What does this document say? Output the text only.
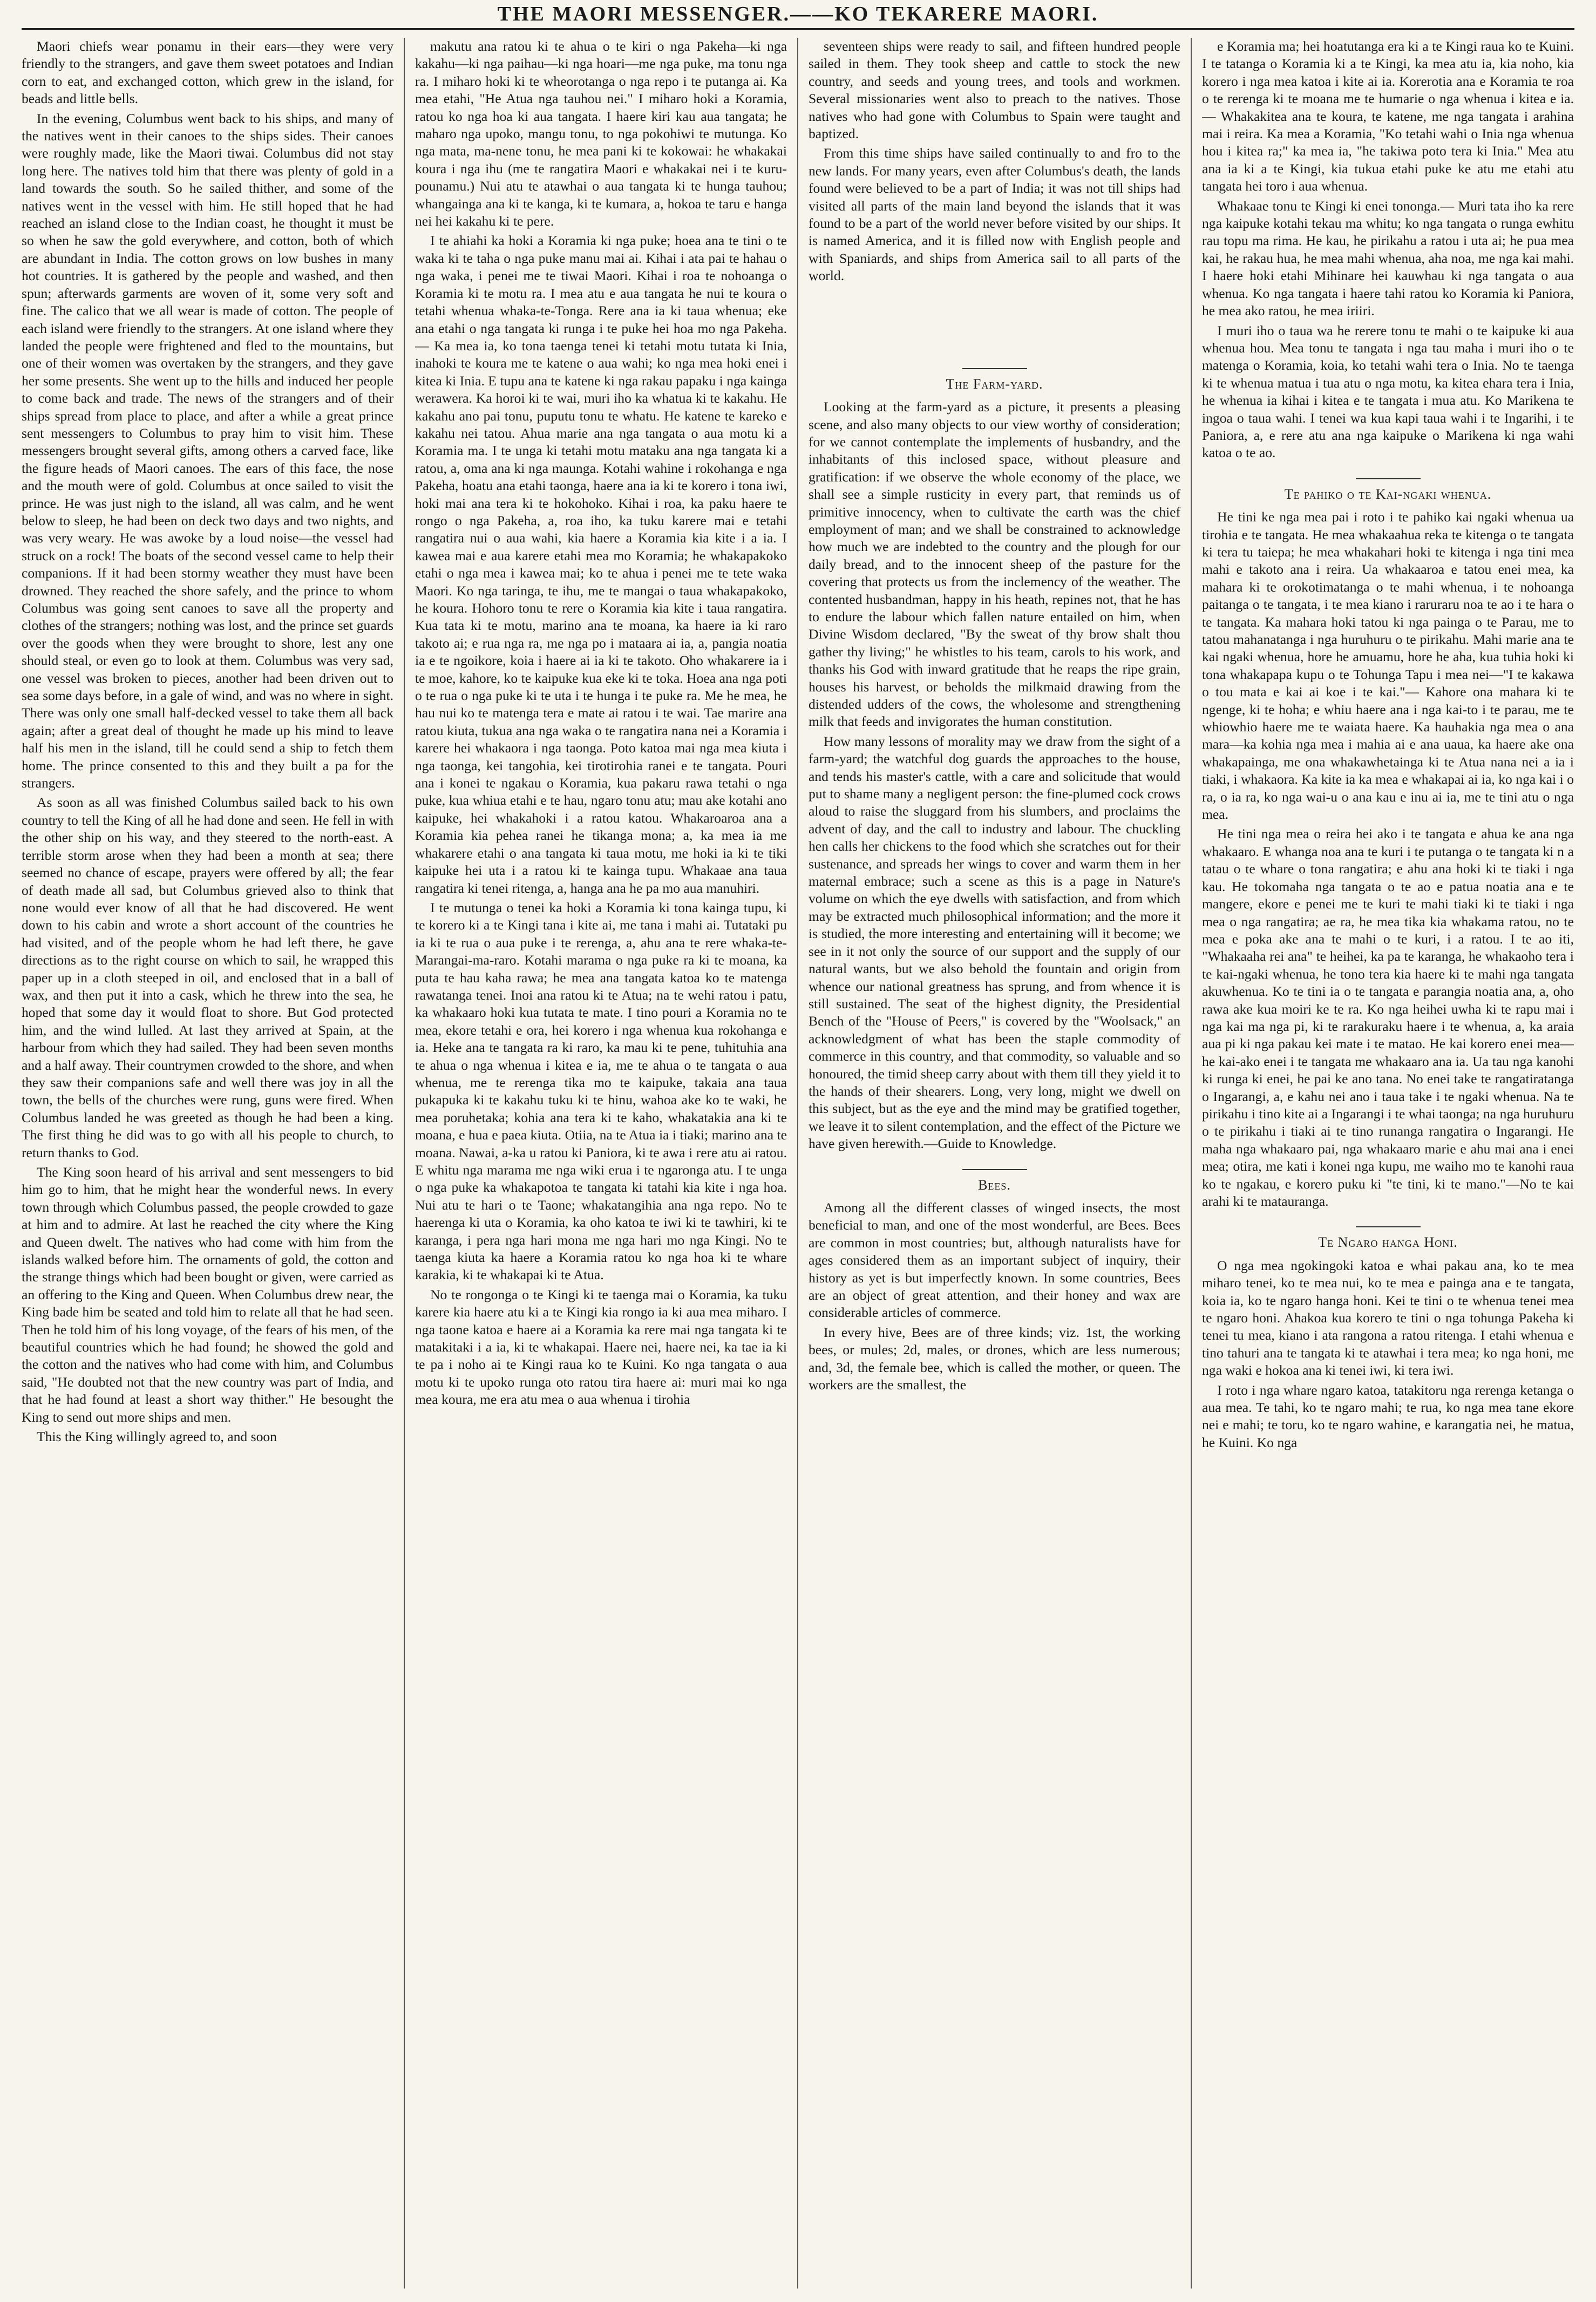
THE MAORI MESSENGER.——KO TEKARERE MAORI.

Maori chiefs wear ponamu in their ears—they were very friendly to the strangers, and gave them sweet potatoes and Indian corn to eat, and exchanged cotton, which grew in the island, for beads and little bells.

In the evening, Columbus went back to his ships, and many of the natives went in their canoes to the ships sides. Their canoes were roughly made, like the Maori tiwai. Columbus did not stay long here. The natives told him that there was plenty of gold in a land towards the south. So he sailed thither, and some of the natives went in the vessel with him. He still hoped that he had reached an island close to the Indian coast, he thought it must be so when he saw the gold everywhere, and cotton, both of which are abundant in India. The cotton grows on low bushes in many hot countries. It is gathered by the people and washed, and then spun; afterwards garments are woven of it, some very soft and fine. The calico that we all wear is made of cotton. The people of each island were friendly to the strangers. At one island where they landed the people were frightened and fled to the mountains, but one of their women was overtaken by the strangers, and they gave her some presents. She went up to the hills and induced her people to come back and trade. The news of the strangers and of their ships spread from place to place, and after a while a great prince sent messengers to Columbus to pray him to visit him. These messengers brought several gifts, among others a carved face, like the figure heads of Maori canoes. The ears of this face, the nose and the mouth were of gold. Columbus at once sailed to visit the prince. He was just nigh to the island, all was calm, and he went below to sleep, he had been on deck two days and two nights, and was very weary. He was awoke by a loud noise—the vessel had struck on a rock! The boats of the second vessel came to help their companions. If it had been stormy weather they must have been drowned. They reached the shore safely, and the prince to whom Columbus was going sent canoes to save all the property and clothes of the strangers; nothing was lost, and the prince set guards over the goods when they were brought to shore, lest any one should steal, or even go to look at them. Columbus was very sad, one vessel was broken to pieces, another had been driven out to sea some days before, in a gale of wind, and was no where in sight. There was only one small half-decked vessel to take them all back again; after a great deal of thought he made up his mind to leave half his men in the island, till he could send a ship to fetch them home. The prince consented to this and they built a pa for the strangers.

As soon as all was finished Columbus sailed back to his own country to tell the King of all he had done and seen. He fell in with the other ship on his way, and they steered to the north-east. A terrible storm arose when they had been a month at sea; there seemed no chance of escape, prayers were offered by all; the fear of death made all sad, but Columbus grieved also to think that none would ever know of all that he had discovered. He went down to his cabin and wrote a short account of the countries he had visited, and of the people whom he had left there, he gave directions as to the right course on which to sail, he wrapped this paper up in a cloth steeped in oil, and enclosed that in a ball of wax, and then put it into a cask, which he threw into the sea, he hoped that some day it would float to shore. But God protected him, and the wind lulled. At last they arrived at Spain, at the harbour from which they had sailed. They had been seven months and a half away. Their countrymen crowded to the shore, and when they saw their companions safe and well there was joy in all the town, the bells of the churches were rung, guns were fired. When Columbus landed he was greeted as though he had been a king. The first thing he did was to go with all his people to church, to return thanks to God.

The King soon heard of his arrival and sent messengers to bid him go to him, that he might hear the wonderful news. In every town through which Columbus passed, the people crowded to gaze at him and to admire. At last he reached the city where the King and Queen dwelt. The natives who had come with him from the islands walked before him. The ornaments of gold, the cotton and the strange things which had been bought or given, were carried as an offering to the King and Queen. When Columbus drew near, the King bade him be seated and told him to relate all that he had seen. Then he told him of his long voyage, of the fears of his men, of the beautiful countries which he had found; he showed the gold and the cotton and the natives who had come with him, and Columbus said, "He doubted not that the new country was part of India, and that he had found at least a short way thither." He besought the King to send out more ships and men.

This the King willingly agreed to, and soon

makutu ana ratou ki te ahua o te kiri o nga Pakeha—ki nga kakahu—ki nga paihau—ki nga hoari—me nga puke, ma tonu nga ra. I miharo hoki ki te wheorotanga o nga repo i te putanga ai. Ka mea etahi, "He Atua nga tauhou nei." I miharo hoki a Koramia, ratou ko nga hoa ki aua tangata. I haere kiri kau aua tangata; he maharo nga upoko, mangu tonu, to nga pokohiwi te mutunga. Ko nga mata, ma-nene tonu, he mea pani ki te kokowai: he whakakai koura i nga ihu (me te rangatira Maori e whakakai nei i te kuru-pounamu.) Nui atu te atawhai o aua tangata ki te hunga tauhou; whangainga ana ki te kanga, ki te kumara, a, hokoa te taru e hanga nei hei kakahu ki te pere.

I te ahiahi ka hoki a Koramia ki nga puke; hoea ana te tini o te waka ki te taha o nga puke manu mai ai. Kihai i ata pai te hahau o nga waka, i penei me te tiwai Maori. Kihai i roa te nohoanga o Koramia ki te motu ra. I mea atu e aua tangata he nui te koura o tetahi whenua whaka-te-Tonga. Rere ana ia ki taua whenua; eke ana etahi o nga tangata ki runga i te puke hei hoa mo nga Pakeha.— Ka mea ia, ko tona taenga tenei ki tetahi motu tutata ki Inia, inahoki te koura me te katene o aua wahi; ko nga mea hoki enei i kitea ki Inia. E tupu ana te katene ki nga rakau papaku i nga kainga werawera. Ka horoi ki te wai, muri iho ka whatua ki te kakahu. He kakahu ano pai tonu, puputu tonu te whatu. He katene te kareko e kakahu nei tatou. Ahua marie ana nga tangata o aua motu ki a Koramia ma. I te unga ki tetahi motu mataku ana nga tangata ki a ratou, a, oma ana ki nga maunga. Kotahi wahine i rokohanga e nga Pakeha, hoatu ana etahi taonga, haere ana ia ki te korero i tona iwi, hoki mai ana tera ki te hokohoko. Kihai i roa, ka paku haere te rongo o nga Pakeha, a, roa iho, ka tuku karere mai e tetahi rangatira nui o aua wahi, kia haere a Koramia kia kite i a ia. I kawea mai e aua karere etahi mea mo Koramia; he whakapakoko etahi o nga mea i kawea mai; ko te ahua i penei me te tete waka Maori. Ko nga taringa, te ihu, me te mangai o taua whakapakoko, he koura. Hohoro tonu te rere o Koramia kia kite i taua rangatira. Kua tata ki te motu, marino ana te moana, ka haere ia ki raro takoto ai; e rua nga ra, me nga po i mataara ai ia, a, pangia noatia ia e te ngoikore, koia i haere ai ia ki te takoto. Oho whakarere ia i te moe, kahore, ko te kaipuke kua eke ki te toka. Hoea ana nga poti o te rua o nga puke ki te uta i te hunga i te puke ra. Me he mea, he hau nui ko te matenga tera e mate ai ratou i te wai. Tae marire ana ratou kiuta, tukua ana nga waka o te rangatira nana nei a Koramia i karere hei whakaora i nga taonga. Poto katoa mai nga mea kiuta i nga taonga, kei tangohia, kei tirotirohia ranei e te tangata. Pouri ana i konei te ngakau o Koramia, kua pakaru rawa tetahi o nga puke, kua whiua etahi e te hau, ngaro tonu atu; mau ake kotahi ano kaipuke, hei whakahoki i a ratou katou. Whakaroaroa ana a Koramia kia pehea ranei he tikanga mona; a, ka mea ia me whakarere etahi o ana tangata ki taua motu, me hoki ia ki te tiki kaipuke hei uta i a ratou ki te kainga tupu. Whakaae ana taua rangatira ki tenei ritenga, a, hanga ana he pa mo aua manuhiri.

I te mutunga o tenei ka hoki a Koramia ki tona kainga tupu, ki te korero ki a te Kingi tana i kite ai, me tana i mahi ai. Tutataki pu ia ki te rua o aua puke i te rerenga, a, ahu ana te rere whaka-te-Marangai-ma-raro. Kotahi marama o nga puke ra ki te moana, ka puta te hau kaha rawa; he mea ana tangata katoa ko te matenga rawatanga tenei. Inoi ana ratou ki te Atua; na te wehi ratou i patu, ka whakaaro hoki kua tutata te mate. I tino pouri a Koramia no te mea, ekore tetahi e ora, hei korero i nga whenua kua rokohanga e ia. Heke ana te tangata ra ki raro, ka mau ki te pene, tuhituhia ana te ahua o nga whenua i kitea e ia, me te ahua o te tangata o aua whenua, me te rerenga tika mo te kaipuke, takaia ana taua pukapuka ki te kakahu tuku ki te hinu, wahoa ake ko te waki, he mea poruhetaka; kohia ana tera ki te kaho, whakatakia ana ki te moana, e hua e paea kiuta. Otiia, na te Atua ia i tiaki; marino ana te moana. Nawai, a-ka u ratou ki Paniora, ki te awa i rere atu ai ratou. E whitu nga marama me nga wiki erua i te ngaronga atu. I te unga o nga puke ka whakapotoa te tangata ki tatahi kia kite i nga hoa. Nui atu te hari o te Taone; whakatangihia ana nga repo. No te haerenga ki uta o Koramia, ka oho katoa te iwi ki te tawhiri, ki te karanga, i pera nga hari mona me nga hari mo nga Kingi. No te taenga kiuta ka haere a Koramia ratou ko nga hoa ki te whare karakia, ki te whakapai ki te Atua.

No te rongonga o te Kingi ki te taenga mai o Koramia, ka tuku karere kia haere atu ki a te Kingi kia rongo ia ki aua mea miharo. I nga taone katoa e haere ai a Koramia ka rere mai nga tangata ki te matakitaki i a ia, ki te whakapai. Haere nei, haere nei, ka tae ia ki te pa i noho ai te Kingi raua ko te Kuini. Ko nga tangata o aua motu ki te upoko runga oto ratou tira haere ai: muri mai ko nga mea koura, me era atu mea o aua whenua i tirohia

seventeen ships were ready to sail, and fifteen hundred people sailed in them. They took sheep and cattle to stock the new country, and seeds and young trees, and tools and workmen. Several missionaries went also to preach to the natives. Those natives who had gone with Columbus to Spain were taught and baptized.

From this time ships have sailed continually to and fro to the new lands. For many years, even after Columbus's death, the lands found were believed to be a part of India; it was not till ships had visited all parts of the main land beyond the islands that it was found to be a part of the world never before visited by our ships. It is named America, and it is filled now with English people and with Spaniards, and ships from America sail to all parts of the world.

The Farm-yard.

Looking at the farm-yard as a picture, it presents a pleasing scene, and also many objects to our view worthy of consideration; for we cannot contemplate the implements of husbandry, and the inhabitants of this inclosed space, without pleasure and gratification: if we observe the whole economy of the place, we shall see a simple rusticity in every part, that reminds us of primitive innocency, when to cultivate the earth was the chief employment of man; and we shall be constrained to acknowledge how much we are indebted to the country and the plough for our daily bread, and to the innocent sheep of the pasture for the covering that protects us from the inclemency of the weather. The contented husbandman, happy in his heath, repines not, that he has to endure the labour which fallen nature entailed on him, when Divine Wisdom declared, "By the sweat of thy brow shalt thou gather thy living;" he whistles to his team, carols to his work, and thanks his God with inward gratitude that he reaps the ripe grain, houses his harvest, or beholds the milkmaid drawing from the distended udders of the cows, the wholesome and strengthening milk that feeds and invigorates the human constitution.

How many lessons of morality may we draw from the sight of a farm-yard; the watchful dog guards the approaches to the house, and tends his master's cattle, with a care and solicitude that would put to shame many a negligent person: the fine-plumed cock crows aloud to raise the sluggard from his slumbers, and proclaims the advent of day, and the call to industry and labour. The chuckling hen calls her chickens to the food which she scratches out for their sustenance, and spreads her wings to cover and warm them in her maternal embrace; such a scene as this is a page in Nature's volume on which the eye dwells with satisfaction, and from which may be extracted much philosophical information; and the more it is studied, the more interesting and entertaining will it become; we see in it not only the source of our support and the supply of our natural wants, but we also behold the fountain and origin from whence our national greatness has sprung, and from whence it is still sustained. The seat of the highest dignity, the Presidential Bench of the "House of Peers," is covered by the "Woolsack," an acknowledgment of what has been the staple commodity of commerce in this country, and that commodity, so valuable and so honoured, the timid sheep carry about with them till they yield it to the hands of their shearers. Long, very long, might we dwell on this subject, but as the eye and the mind may be gratified together, we leave it to silent contemplation, and the effect of the Picture we have given herewith.—Guide to Knowledge.

Bees.

Among all the different classes of winged insects, the most beneficial to man, and one of the most wonderful, are Bees. Bees are common in most countries; but, although naturalists have for ages considered them as an important subject of inquiry, their history as yet is but imperfectly known. In some countries, Bees are an object of great attention, and their honey and wax are considerable articles of commerce.

In every hive, Bees are of three kinds; viz. 1st, the working bees, or mules; 2d, males, or drones, which are less numerous; and, 3d, the female bee, which is called the mother, or queen. The workers are the smallest, the

e Koramia ma; hei hoatutanga era ki a te Kingi raua ko te Kuini. I te tatanga o Koramia ki a te Kingi, ka mea atu ia, kia noho, kia korero i nga mea katoa i kite ai ia. Korerotia ana e Koramia te roa o te rerenga ki te moana me te humarie o nga whenua i kitea e ia.— Whakakitea ana te koura, te katene, me nga tangata i arahina mai i reira. Ka mea a Koramia, "Ko tetahi wahi o Inia nga whenua hou i kitea ra;" ka mea ia, "he takiwa poto tera ki Inia." Mea atu ana ia ki a te Kingi, kia tukua etahi puke ke atu me etahi atu tangata hei toro i aua whenua.

Whakaae tonu te Kingi ki enei tononga.— Muri tata iho ka rere nga kaipuke kotahi tekau ma whitu; ko nga tangata o runga ewhitu rau topu ma rima. He kau, he pirikahu a ratou i uta ai; he pua mea kai, he rakau hua, he mea mahi whenua, aha noa, me nga kai mahi. I haere hoki etahi Mihinare hei kauwhau ki nga tangata o aua whenua. Ko nga tangata i haere tahi ratou ko Koramia ki Paniora, he mea ako ratou, he mea iriiri.

I muri iho o taua wa he rerere tonu te mahi o te kaipuke ki aua whenua hou. Mea tonu te tangata i nga tau maha i muri iho o te matenga o Koramia, koia, ko tetahi wahi tera o Inia. No te taenga ki te whenua matua i tua atu o nga motu, ka kitea ehara tera i Inia, he whenua ia kihai i kitea e te tangata i mua atu. Ko Marikena te ingoa o taua wahi. I tenei wa kua kapi taua wahi i te Ingarihi, i te Paniora, a, e rere atu ana nga kaipuke o Marikena ki nga wahi katoa o te ao.

Te pahiko o te Kai-ngaki whenua.

He tini ke nga mea pai i roto i te pahiko kai ngaki whenua ua tirohia e te tangata. He mea whakaahua reka te kitenga o te tangata ki tera tu taiepa; he mea whakahari hoki te kitenga i nga tini mea mahi e takoto ana i reira. Ua whakaaroa e tatou enei mea, ka mahara ki te orokotimatanga o te mahi whenua, i te nohoanga paitanga o te tangata, i te mea kiano i raruraru noa te ao i te hara o te tangata. Ka mahara hoki tatou ki nga painga o te Parau, me to tatou mahanatanga i nga huruhuru o te pirikahu. Mahi marie ana te kai ngaki whenua, hore he amuamu, hore he aha, kua tuhia hoki ki tona whakapapa kupu o te Tohunga Tapu i mea nei—"I te kakawa o tou mata e kai ai koe i te kai."— Kahore ona mahara ki te ngenge, ki te hoha; e whiu haere ana i nga kai-to i te parau, me te whiowhio haere me te waiata haere. Ka hauhakia nga mea o ana mara—ka kohia nga mea i mahia ai e ana uaua, ka haere ake ona whakapainga, me ona whakawhetainga ki te Atua nana nei a ia i tiaki, i whakaora. Ka kite ia ka mea e whakapai ai ia, ko nga kai i o ra, o ia ra, ko nga wai-u o ana kau e inu ai ia, me te tini atu o nga mea.

He tini nga mea o reira hei ako i te tangata e ahua ke ana nga whakaaro. E whanga noa ana te kuri i te putanga o te tangata ki n a tatau o te whare o tona rangatira; e ahu ana hoki ki te tiaki i nga kau. He tokomaha nga tangata o te ao e patua noatia ana e te mangere, ekore e penei me te kuri te mahi tiaki ki te tiaki i nga mea o nga rangatira; ae ra, he mea tika kia whakama ratou, no te mea e poka ake ana te mahi o te kuri, i a ratou. I te ao iti, "Whakaaha rei ana" te heihei, ka pa te karanga, he whakaoho tera i te kai-ngaki whenua, he tono tera kia haere ki te mahi nga tangata akuwhenua. Ko te tini ia o te tangata e parangia noatia ana, a, oho rawa ake kua moiri ke te ra. Ko nga heihei uwha ki te rapu mai i nga kai ma nga pi, ki te rarakuraku haere i te whenua, a, ka araia aua pi ki nga pakau kei mate i te matao. He kai korero enei mea—he kai-ako enei i te tangata me whakaaro ana ia. Ua tau nga kanohi ki runga ki enei, he pai ke ano tana. No enei take te rangatiratanga o Ingarangi, a, e kahu nei ano i taua take i te ngaki whenua. Na te pirikahu i tino kite ai a Ingarangi i te whai taonga; na nga huruhuru o te pirikahu i tiaki ai te tino runanga rangatira o Ingarangi. He maha nga whakaaro pai, nga whakaaro marie e ahu mai ana i enei mea; otira, me kati i konei nga kupu, me waiho mo te kanohi raua ko te ngakau, e korero puku ki "te tini, ki te mano."—No te kai arahi ki te matauranga.

Te Ngaro hanga Honi.

O nga mea ngokingoki katoa e whai pakau ana, ko te mea miharo tenei, ko te mea nui, ko te mea e painga ana e te tangata, koia ia, ko te ngaro hanga honi. Kei te tini o te whenua tenei mea te ngaro honi. Ahakoa kua korero te tini o nga tohunga Pakeha ki tenei tu mea, kiano i ata rangona a ratou ritenga. I etahi whenua e tino tahuri ana te tangata ki te atawhai i tera mea; ko nga honi, me nga waki e hokoa ana ki tenei iwi, ki tera iwi.

I roto i nga whare ngaro katoa, tatakitoru nga rerenga ketanga o aua mea. Te tahi, ko te ngaro mahi; te rua, ko nga mea tane ekore nei e mahi; te toru, ko te ngaro wahine, e karangatia nei, he matua, he Kuini. Ko nga
